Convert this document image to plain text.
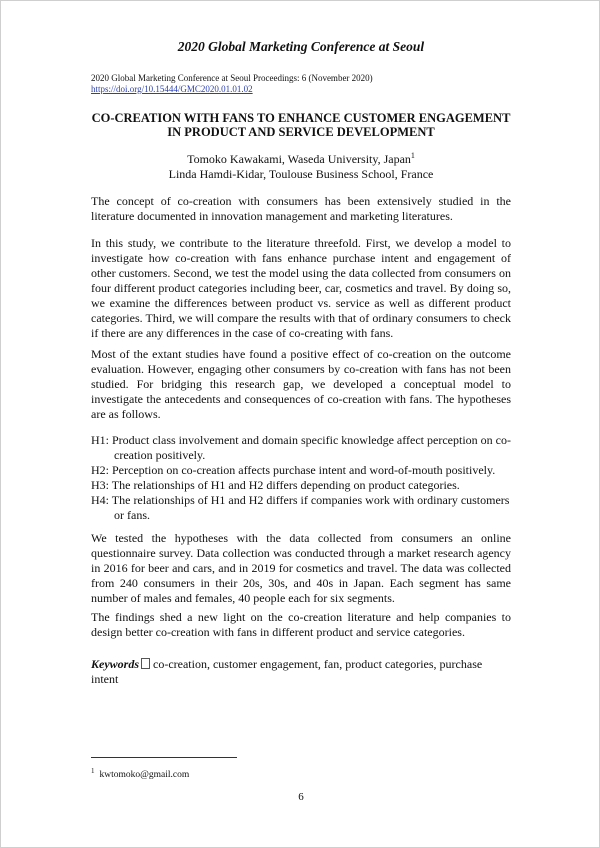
2020 Global Marketing Conference at Seoul
2020 Global Marketing Conference at Seoul Proceedings: 6 (November 2020)
https://doi.org/10.15444/GMC2020.01.01.02
CO-CREATION WITH FANS TO ENHANCE CUSTOMER ENGAGEMENT
IN PRODUCT AND SERVICE DEVELOPMENT
Tomoko Kawakami, Waseda University, Japan$^1$
Linda Hamdi-Kidar, Toulouse Business School, France
The concept of co-creation with consumers has been extensively studied in the literature documented in innovation management and marketing literatures.
In this study, we contribute to the literature threefold. First, we develop a model to investigate how co-creation with fans enhance purchase intent and engagement of other customers. Second, we test the model using the data collected from consumers on four different product categories including beer, car, cosmetics and travel. By doing so, we examine the differences between product vs. service as well as different product categories. Third, we will compare the results with that of ordinary consumers to check if there are any differences in the case of co-creating with fans.
Most of the extant studies have found a positive effect of co-creation on the outcome evaluation. However, engaging other consumers by co-creation with fans has not been studied. For bridging this research gap, we developed a conceptual model to investigate the antecedents and consequences of co-creation with fans. The hypotheses are as follows.
H1: Product class involvement and domain specific knowledge affect perception on co-creation positively.
H2: Perception on co-creation affects purchase intent and word-of-mouth positively.
H3: The relationships of H1 and H2 differs depending on product categories.
H4: The relationships of H1 and H2 differs if companies work with ordinary customers or fans.
We tested the hypotheses with the data collected from consumers an online questionnaire survey. Data collection was conducted through a market research agency in 2016 for beer and cars, and in 2019 for cosmetics and travel. The data was collected from 240 consumers in their 20s, 30s, and 40s in Japan. Each segment has same number of males and females, 40 people each for six segments.
The findings shed a new light on the co-creation literature and help companies to design better co-creation with fans in different product and service categories.
Keywords co-creation, customer engagement, fan, product categories, purchase intent
$^1$ kwtomoko@gmail.com
6
